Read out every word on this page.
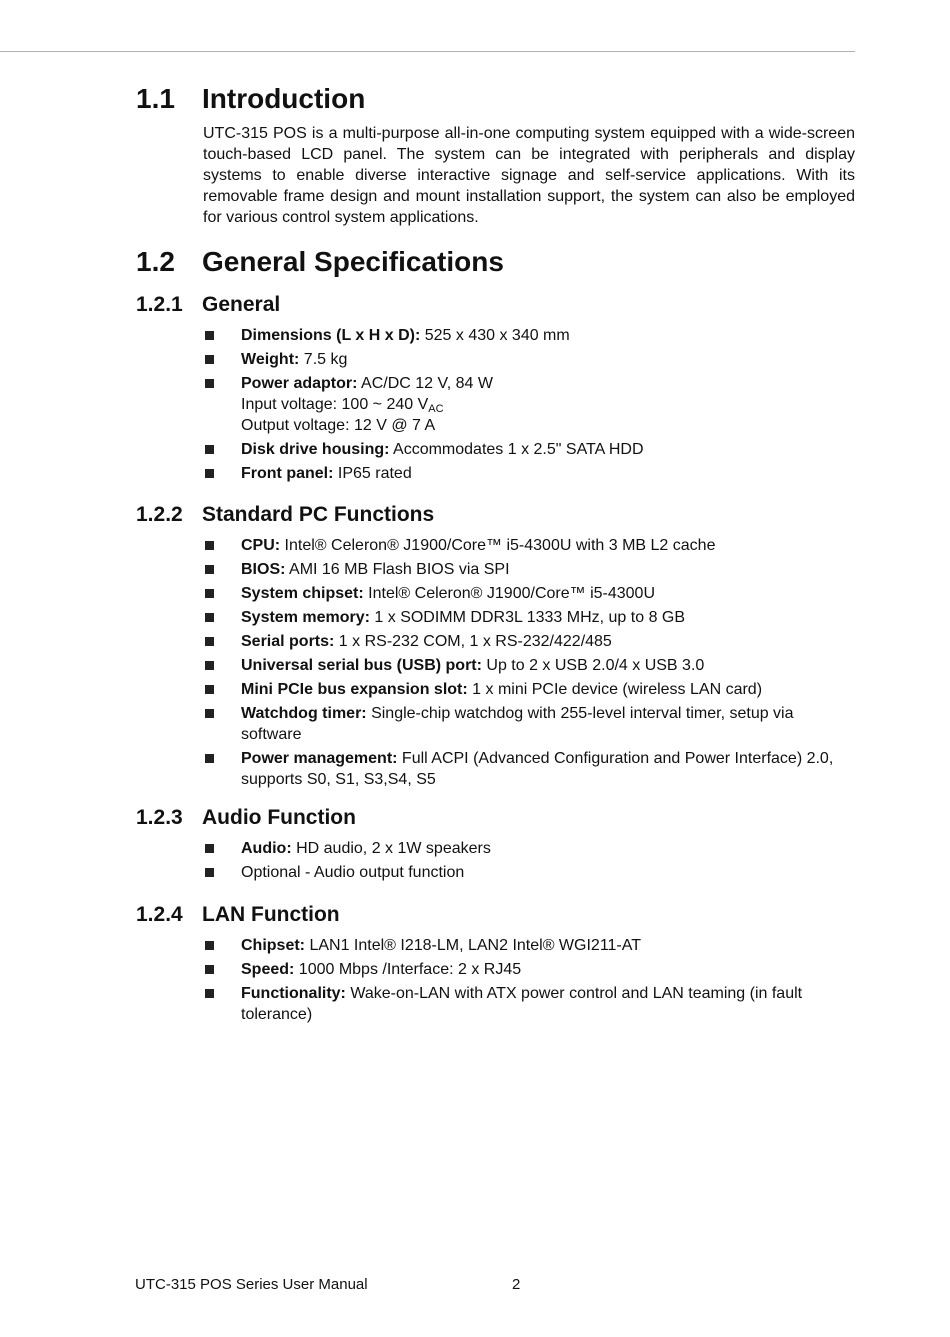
1.1 Introduction

UTC-315 POS is a multi-purpose all-in-one computing system equipped with a wide-screen touch-based LCD panel. The system can be integrated with peripherals and display systems to enable diverse interactive signage and self-service applications. With its removable frame design and mount installation support, the system can also be employed for various control system applications.

1.2 General Specifications
1.2.1 General
Dimensions (L x H x D): 525 x 430 x 340 mm
Weight: 7.5 kg
Power adaptor: AC/DC 12 V, 84 W
Input voltage: 100 ~ 240 $V_{AC}$
Output voltage: 12 V @ 7 A
Disk drive housing: Accommodates 1 x 2.5" SATA HDD
Front panel: IP65 rated
1.2.2 Standard PC Functions
CPU: Intel® Celeron® J1900/Core™ i5-4300U with 3 MB L2 cache
BIOS: AMI 16 MB Flash BIOS via SPI
System chipset: Intel® Celeron® J1900/Core™ i5-4300U
System memory: 1 x SODIMM DDR3L 1333 MHz, up to 8 GB
Serial ports: 1 x RS-232 COM, 1 x RS-232/422/485
Universal serial bus (USB) port: Up to 2 x USB 2.0/4 x USB 3.0
Mini PCIe bus expansion slot: 1 x mini PCIe device (wireless LAN card)
Watchdog timer: Single-chip watchdog with 255-level interval timer, setup via software
Power management: Full ACPI (Advanced Configuration and Power Interface) 2.0, supports S0, S1, S3,S4, S5
1.2.3 Audio Function
Audio: HD audio, 2 x 1W speakers
Optional - Audio output function
1.2.4 LAN Function
Chipset: LAN1 Intel® I218-LM, LAN2 Intel® WGI211-AT
Speed: 1000 Mbps /Interface: 2 x RJ45
Functionality: Wake-on-LAN with ATX power control and LAN teaming (in fault tolerance)
UTC-315 POS Series User Manual	2
